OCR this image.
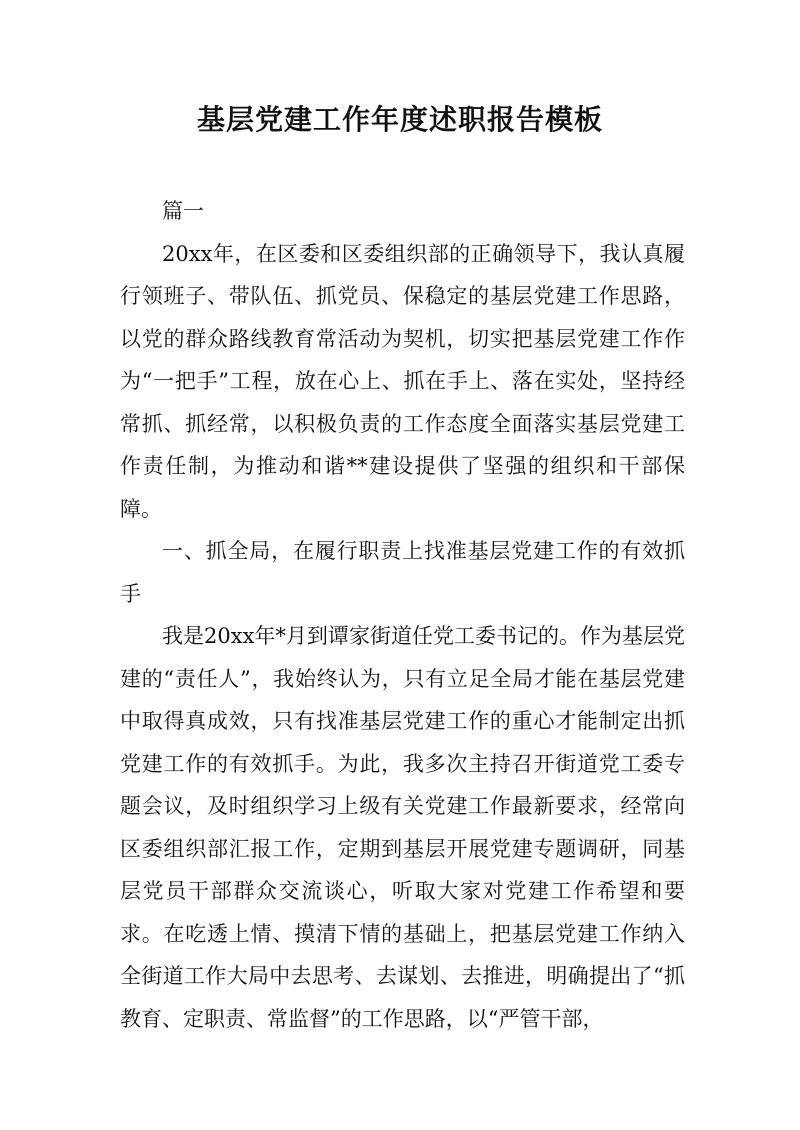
基层党建工作年度述职报告模板

篇一

20xx年，在区委和区委组织部的正确领导下，我认真履行领班子、带队伍、抓党员、保稳定的基层党建工作思路，以党的群众路线教育常活动为契机，切实把基层党建工作作为“一把手”工程，放在心上、抓在手上、落在实处，坚持经常抓、抓经常，以积极负责的工作态度全面落实基层党建工作责任制，为推动和谐**建设提供了坚强的组织和干部保障。

一、抓全局，在履行职责上找准基层党建工作的有效抓手

我是20xx年*月到谭家街道任党工委书记的。作为基层党建的“责任人”，我始终认为，只有立足全局才能在基层党建中取得真成效，只有找准基层党建工作的重心才能制定出抓党建工作的有效抓手。为此，我多次主持召开街道党工委专题会议，及时组织学习上级有关党建工作最新要求，经常向区委组织部汇报工作，定期到基层开展党建专题调研，同基层党员干部群众交流谈心，听取大家对党建工作希望和要求。在吃透上情、摸清下情的基础上，把基层党建工作纳入全街道工作大局中去思考、去谋划、去推进，明确提出了“抓教育、定职责、常监督”的工作思路，以“严管干部，
